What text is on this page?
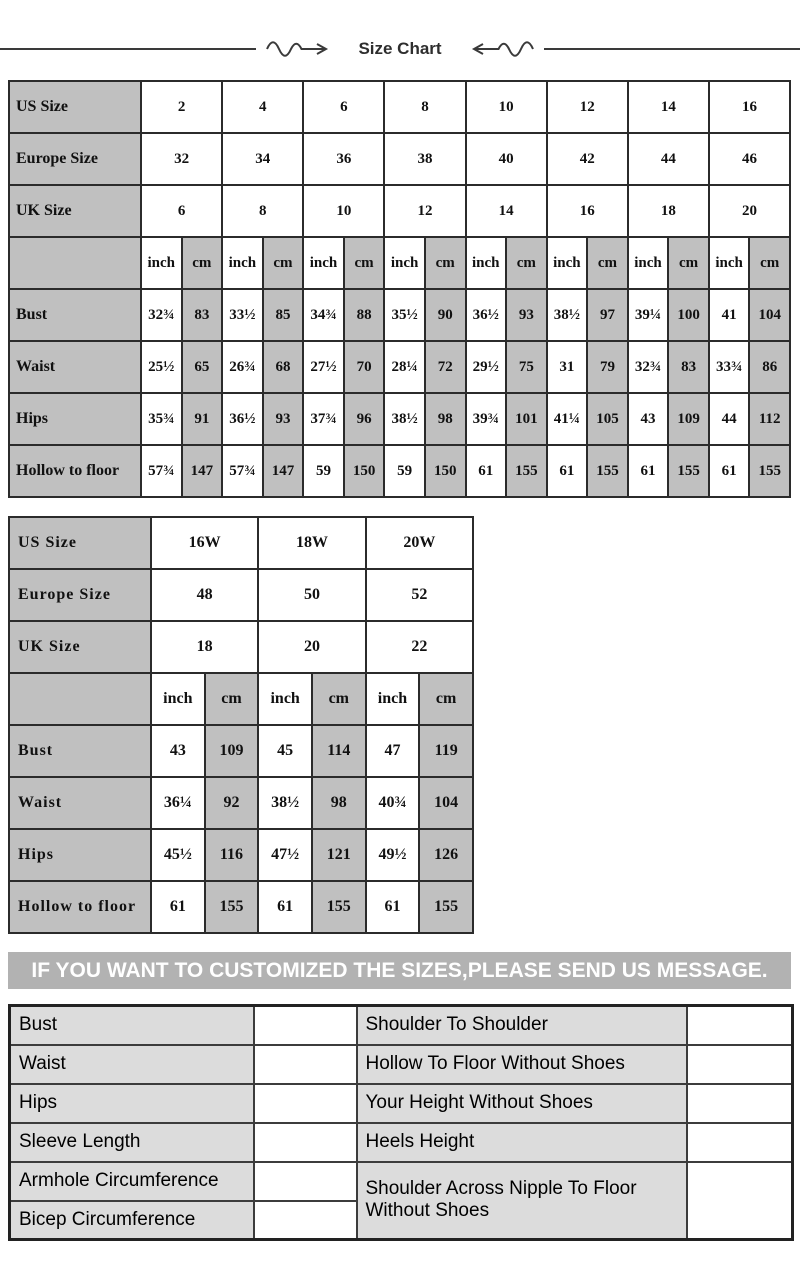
Size Chart
US Size	2		4		6		8		10		12		14		16	
Europe Size	32		34		36		38		40		42		44		46	
UK Size	6		8		10		12		14		16		18		20	
	inch	cm	inch	cm	inch	cm	inch	cm	inch	cm	inch	cm	inch	cm	inch	cm
Bust	32¾	83	33½	85	34¾	88	35½	90	36½	93	38½	97	39¼	100	41	104
Waist	25½	65	26¾	68	27½	70	28¼	72	29½	75	31	79	32¾	83	33¾	86
Hips	35¾	91	36½	93	37¾	96	38½	98	39¾	101	41¼	105	43	109	44	112
Hollow to floor	57¾	147	57¾	147	59	150	59	150	61	155	61	155	61	155	61	155
US Size	16W		18W		20W	
Europe Size	48		50		52	
UK Size	18		20		22	
	inch	cm	inch	cm	inch	cm
Bust	43	109	45	114	47	119
Waist	36¼	92	38½	98	40¾	104
Hips	45½	116	47½	121	49½	126
Hollow to floor	61	155	61	155	61	155
IF YOU WANT TO CUSTOMIZED THE SIZES,PLEASE SEND US MESSAGE.
Bust		Shoulder To Shoulder	
Waist		Hollow To Floor Without Shoes	
Hips		Your Height Without Shoes	
Sleeve Length		Heels Height	
Armhole Circumference		Shoulder Across Nipple To Floor Without Shoes	
Bicep Circumference			
